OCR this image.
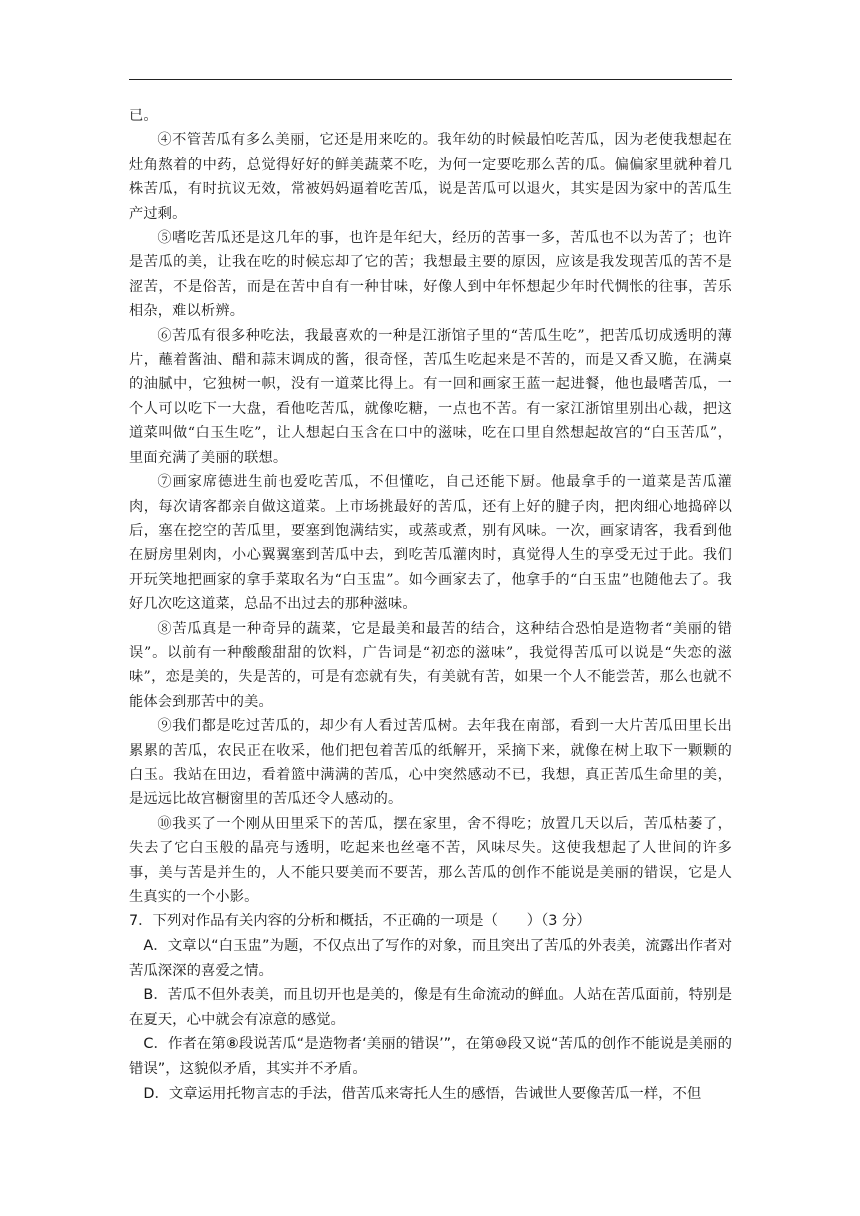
已。

④不管苦瓜有多么美丽，它还是用来吃的。我年幼的时候最怕吃苦瓜，因为老使我想起在灶角熬着的中药，总觉得好好的鲜美蔬菜不吃，为何一定要吃那么苦的瓜。偏偏家里就种着几株苦瓜，有时抗议无效，常被妈妈逼着吃苦瓜，说是苦瓜可以退火，其实是因为家中的苦瓜生产过剩。

⑤嗜吃苦瓜还是这几年的事，也许是年纪大，经历的苦事一多，苦瓜也不以为苦了；也许是苦瓜的美，让我在吃的时候忘却了它的苦；我想最主要的原因，应该是我发现苦瓜的苦不是涩苦，不是俗苦，而是在苦中自有一种甘味，好像人到中年怀想起少年时代惆怅的往事，苦乐相杂，难以析辨。

⑥苦瓜有很多种吃法，我最喜欢的一种是江浙馆子里的“苦瓜生吃”，把苦瓜切成透明的薄片，蘸着酱油、醋和蒜末调成的酱，很奇怪，苦瓜生吃起来是不苦的，而是又香又脆，在满桌的油腻中，它独树一帜，没有一道菜比得上。有一回和画家王蓝一起进餐，他也最嗜苦瓜，一个人可以吃下一大盘，看他吃苦瓜，就像吃糖，一点也不苦。有一家江浙馆里别出心裁，把这道菜叫做“白玉生吃”，让人想起白玉含在口中的滋味，吃在口里自然想起故宫的“白玉苦瓜”，里面充满了美丽的联想。

⑦画家席德进生前也爱吃苦瓜，不但懂吃，自己还能下厨。他最拿手的一道菜是苦瓜灌肉，每次请客都亲自做这道菜。上市场挑最好的苦瓜，还有上好的腱子肉，把肉细心地捣碎以后，塞在挖空的苦瓜里，要塞到饱满结实，或蒸或煮，别有风味。一次，画家请客，我看到他在厨房里剁肉，小心翼翼塞到苦瓜中去，到吃苦瓜灌肉时，真觉得人生的享受无过于此。我们开玩笑地把画家的拿手菜取名为“白玉盅”。如今画家去了，他拿手的“白玉盅”也随他去了。我好几次吃这道菜，总品不出过去的那种滋味。

⑧苦瓜真是一种奇异的蔬菜，它是最美和最苦的结合，这种结合恐怕是造物者“美丽的错误”。以前有一种酸酸甜甜的饮料，广告词是“初恋的滋味”，我觉得苦瓜可以说是“失恋的滋味”，恋是美的，失是苦的，可是有恋就有失，有美就有苦，如果一个人不能尝苦，那么也就不能体会到那苦中的美。

⑨我们都是吃过苦瓜的，却少有人看过苦瓜树。去年我在南部，看到一大片苦瓜田里长出累累的苦瓜，农民正在收采，他们把包着苦瓜的纸解开，采摘下来，就像在树上取下一颗颗的白玉。我站在田边，看着篮中满满的苦瓜，心中突然感动不已，我想，真正苦瓜生命里的美，是远远比故宫橱窗里的苦瓜还令人感动的。

⑩我买了一个刚从田里采下的苦瓜，摆在家里，舍不得吃；放置几天以后，苦瓜枯萎了，失去了它白玉般的晶亮与透明，吃起来也丝毫不苦，风味尽失。这使我想起了人世间的许多事，美与苦是并生的，人不能只要美而不要苦，那么苦瓜的创作不能说是美丽的错误，它是人生真实的一个小影。

7．下列对作品有关内容的分析和概括，不正确的一项是（　　）（3 分）

A．文章以“白玉盅”为题，不仅点出了写作的对象，而且突出了苦瓜的外表美，流露出作者对苦瓜深深的喜爱之情。

B．苦瓜不但外表美，而且切开也是美的，像是有生命流动的鲜血。人站在苦瓜面前，特别是在夏天，心中就会有凉意的感觉。

C．作者在第⑧段说苦瓜“是造物者‘美丽的错误’”，在第⑩段又说“苦瓜的创作不能说是美丽的错误”，这貌似矛盾，其实并不矛盾。

D．文章运用托物言志的手法，借苦瓜来寄托人生的感悟，告诫世人要像苦瓜一样，不但
